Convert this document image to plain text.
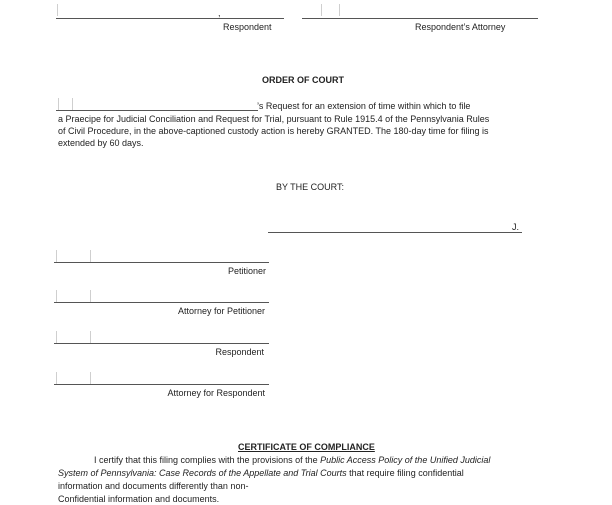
,
Respondent	Respondent’s Attorney
ORDER OF COURT
’s Request for an extension of time within which to file
a Praecipe for Judicial Conciliation and Request for Trial, pursuant to Rule 1915.4 of the Pennsylvania Rules
of Civil Procedure, in the above-captioned custody action is hereby GRANTED. The 180-day time for filing is
extended by 60 days.
BY THE COURT:
J.
Petitioner
Attorney for Petitioner
Respondent
Attorney for Respondent
CERTIFICATE OF COMPLIANCE
I certify that this filing complies with the provisions of the Public Access Policy of the Unified Judicial
System of Pennsylvania: Case Records of the Appellate and Trial Courts that require filing confidential
information and documents differently than non-
Confidential information and documents.
